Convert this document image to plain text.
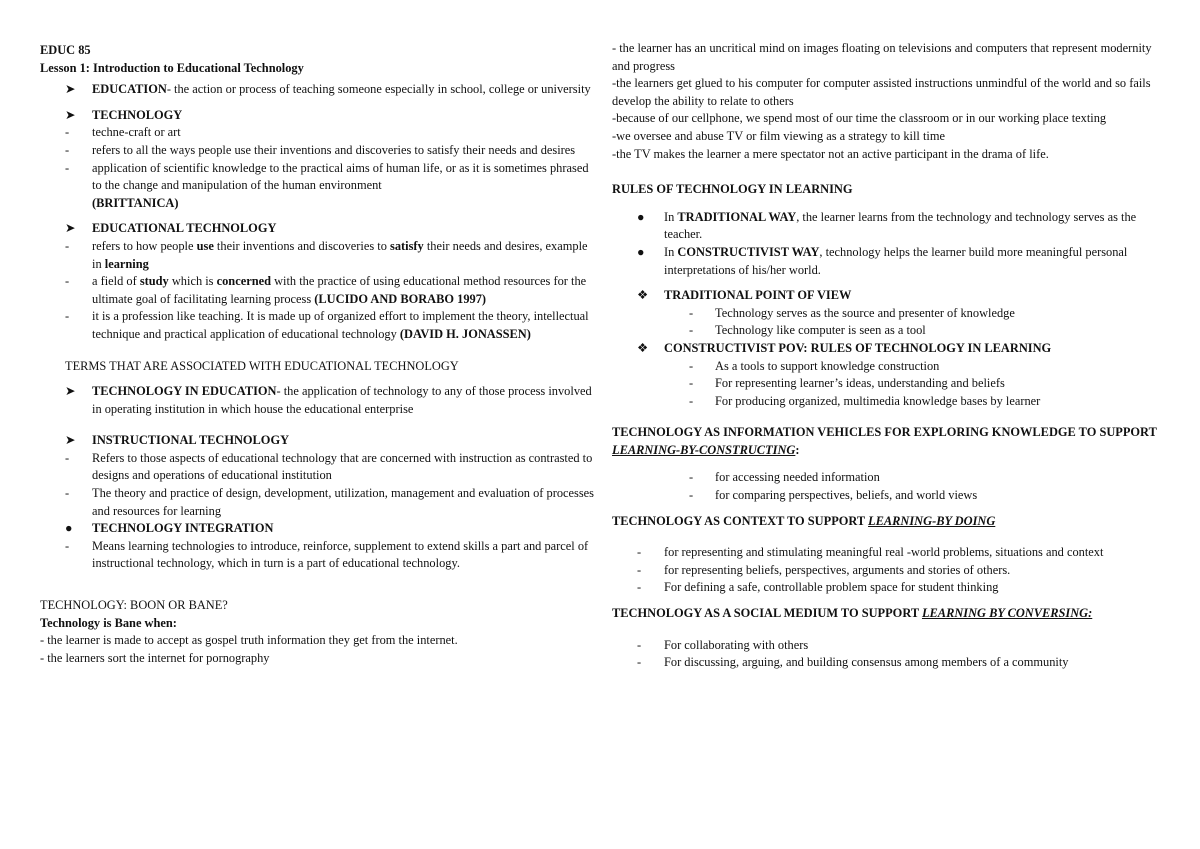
EDUC 85
Lesson 1: Introduction to Educational Technology
➤ EDUCATION- the action or process of teaching someone especially in school, college or university
➤ TECHNOLOGY
- techne-craft or art
- refers to all the ways people use their inventions and discoveries to satisfy their needs and desires
- application of scientific knowledge to the practical aims of human life, or as it is sometimes phrased to the change and manipulation of the human environment
(BRITTANICA)
➤ EDUCATIONAL TECHNOLOGY
- refers to how people use their inventions and discoveries to satisfy their needs and desires, example in learning
- a field of study which is concerned with the practice of using educational method resources for the ultimate goal of facilitating learning process (LUCIDO AND BORABO 1997)
- it is a profession like teaching. It is made up of organized effort to implement the theory, intellectual technique and practical application of educational technology (DAVID H. JONASSEN)
TERMS THAT ARE ASSOCIATED WITH EDUCATIONAL TECHNOLOGY
➤ TECHNOLOGY IN EDUCATION- the application of technology to any of those process involved in operating institution in which house the educational enterprise
➤ INSTRUCTIONAL TECHNOLOGY
- Refers to those aspects of educational technology that are concerned with instruction as contrasted to designs and operations of educational institution
- The theory and practice of design, development, utilization, management and evaluation of processes and resources for learning
● TECHNOLOGY INTEGRATION
- Means learning technologies to introduce, reinforce, supplement to extend skills a part and parcel of instructional technology, which in turn is a part of educational technology.
TECHNOLOGY: BOON OR BANE?
Technology is Bane when:
- the learner is made to accept as gospel truth information they get from the internet.
- the learners sort the internet for pornography
- the learner has an uncritical mind on images floating on televisions and computers that represent modernity and progress
-the learners get glued to his computer for computer assisted instructions unmindful of the world and so fails develop the ability to relate to others
-because of our cellphone, we spend most of our time the classroom or in our working place texting
-we oversee and abuse TV or film viewing as a strategy to kill time
-the TV makes the learner a mere spectator not an active participant in the drama of life.
RULES OF TECHNOLOGY IN LEARNING
● In TRADITIONAL WAY, the learner learns from the technology and technology serves as the teacher.
● In CONSTRUCTIVIST WAY, technology helps the learner build more meaningful personal interpretations of his/her world.
❖ TRADITIONAL POINT OF VIEW
- Technology serves as the source and presenter of knowledge
- Technology like computer is seen as a tool
❖ CONSTRUCTIVIST POV: RULES OF TECHNOLOGY IN LEARNING
- As a tools to support knowledge construction
- For representing learner’s ideas, understanding and beliefs
- For producing organized, multimedia knowledge bases by learner
TECHNOLOGY AS INFORMATION VEHICLES FOR EXPLORING KNOWLEDGE TO SUPPORT LEARNING-BY-CONSTRUCTING:
- for accessing needed information
- for comparing perspectives, beliefs, and world views
TECHNOLOGY AS CONTEXT TO SUPPORT LEARNING-BY DOING
- for representing and stimulating meaningful real -world problems, situations and context
- for representing beliefs, perspectives, arguments and stories of others.
- For defining a safe, controllable problem space for student thinking
TECHNOLOGY AS A SOCIAL MEDIUM TO SUPPORT LEARNING BY CONVERSING:
- For collaborating with others
- For discussing, arguing, and building consensus among members of a community
